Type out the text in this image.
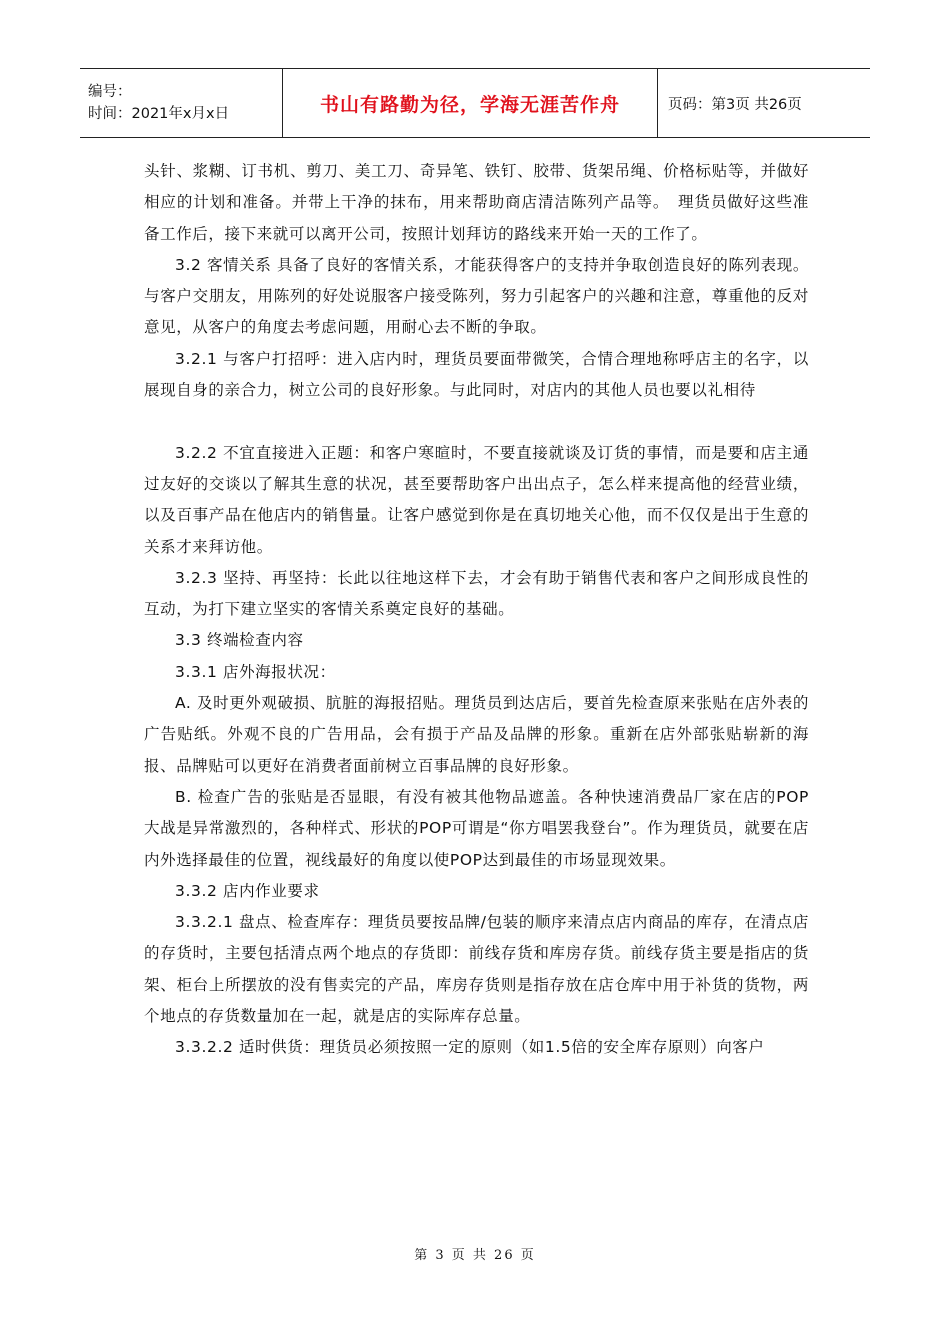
编号：
时间：2021年x月x日	书山有路勤为径，学海无涯苦作舟	页码：第3页 共26页

头针、浆糊、订书机、剪刀、美工刀、奇异笔、铁钉、胶带、货架吊绳、价格标贴等，并做好相应的计划和准备。并带上干净的抹布，用来帮助商店清洁陈列产品等。　理货员做好这些准备工作后，接下来就可以离开公司，按照计划拜访的路线来开始一天的工作了。

3.2 客情关系 具备了良好的客情关系，才能获得客户的支持并争取创造良好的陈列表现。与客户交朋友，用陈列的好处说服客户接受陈列，努力引起客户的兴趣和注意，尊重他的反对意见，从客户的角度去考虑问题，用耐心去不断的争取。

3.2.1 与客户打招呼：进入店内时，理货员要面带微笑，合情合理地称呼店主的名字，以展现自身的亲合力，树立公司的良好形象。与此同时，对店内的其他人员也要以礼相待

3.2.2 不宜直接进入正题：和客户寒暄时，不要直接就谈及订货的事情，而是要和店主通过友好的交谈以了解其生意的状况，甚至要帮助客户出出点子，怎么样来提高他的经营业绩，以及百事产品在他店内的销售量。让客户感觉到你是在真切地关心他，而不仅仅是出于生意的关系才来拜访他。

3.2.3 坚持、再坚持：长此以往地这样下去，才会有助于销售代表和客户之间形成良性的互动，为打下建立坚实的客情关系奠定良好的基础。

3.3 终端检查内容

3.3.1 店外海报状况：

A. 及时更外观破损、肮脏的海报招贴。理货员到达店后，要首先检查原来张贴在店外表的广告贴纸。外观不良的广告用品，会有损于产品及品牌的形象。重新在店外部张贴崭新的海报、品牌贴可以更好在消费者面前树立百事品牌的良好形象。

B. 检查广告的张贴是否显眼，有没有被其他物品遮盖。各种快速消费品厂家在店的POP大战是异常激烈的，各种样式、形状的POP可谓是“你方唱罢我登台”。作为理货员，就要在店内外选择最佳的位置，视线最好的角度以使POP达到最佳的市场显现效果。

3.3.2 店内作业要求

3.3.2.1 盘点、检查库存：理货员要按品牌/包装的顺序来清点店内商品的库存，在清点店的存货时，主要包括清点两个地点的存货即：前线存货和库房存货。前线存货主要是指店的货架、柜台上所摆放的没有售卖完的产品，库房存货则是指存放在店仓库中用于补货的货物，两个地点的存货数量加在一起，就是店的实际库存总量。

3.3.2.2 适时供货：理货员必须按照一定的原则（如1.5倍的安全库存原则）向客户

第 3 页 共 26 页
